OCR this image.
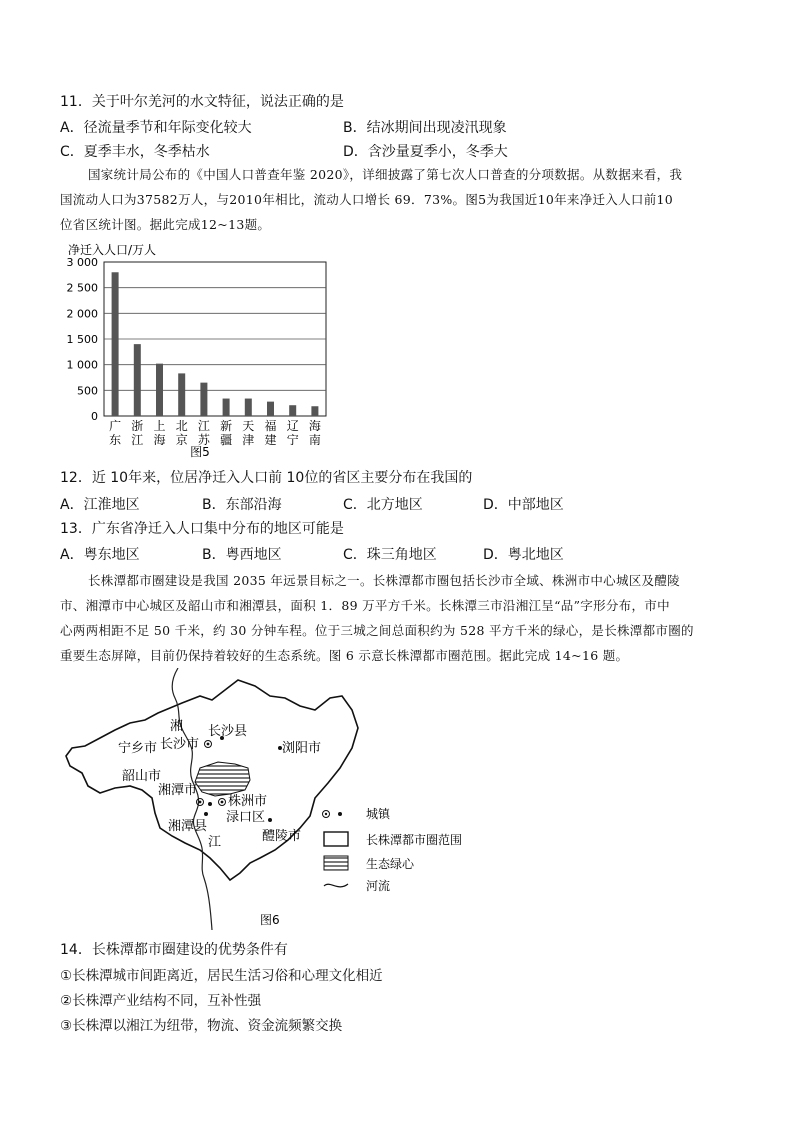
11．关于叶尔羌河的水文特征，说法正确的是
A．径流量季节和年际变化较大	B．结冰期间出现凌汛现象
C．夏季丰水，冬季枯水	D．含沙量夏季小，冬季大
国家统计局公布的《中国人口普查年鉴 2020》，详细披露了第七次人口普查的分项数据。从数据来看，我
国流动人口为37582万人，与2010年相比，流动人口增长 69．73%。图5为我国近10年来净迁入人口前10
位省区统计图。据此完成12~13题。
净迁入人口/万人
3 000
2 500
2 000
1 500
1 000
500
0
广
东
浙
江
上
海
北
京
江
苏
新
疆
天
津
福
建
辽
宁
海
南
图5
12．近 10年来，位居净迁入人口前 10位的省区主要分布在我国的
A．江淮地区	B．东部沿海	C．北方地区	D．中部地区
13．广东省净迁入人口集中分布的地区可能是
A．粤东地区	B．粤西地区	C．珠三角地区	D．粤北地区
长株潭都市圈建设是我国 2035 年远景目标之一。长株潭都市圈包括长沙市全域、株洲市中心城区及醴陵
市、湘潭市中心城区及韶山市和湘潭县，面积 1．89 万平方千米。长株潭三市沿湘江呈“品”字形分布，市中
心两两相距不足 50 千米，约 30 分钟车程。位于三城之间总面积约为 528 平方千米的绿心，是长株潭都市圈的
重要生态屏障，目前仍保持着较好的生态系统。图 6 示意长株潭都市圈范围。据此完成 14~16 题。
湘 长沙县
浏阳市
宁乡市 长沙市
韶山市
湘潭市
株洲市
渌口区
湘潭县
醴陵市
江
城镇
长株潭都市圈范围
生态绿心
河流
图6
14．长株潭都市圈建设的优势条件有
①长株潭城市间距离近，居民生活习俗和心理文化相近
②长株潭产业结构不同，互补性强
③长株潭以湘江为纽带，物流、资金流频繁交换
